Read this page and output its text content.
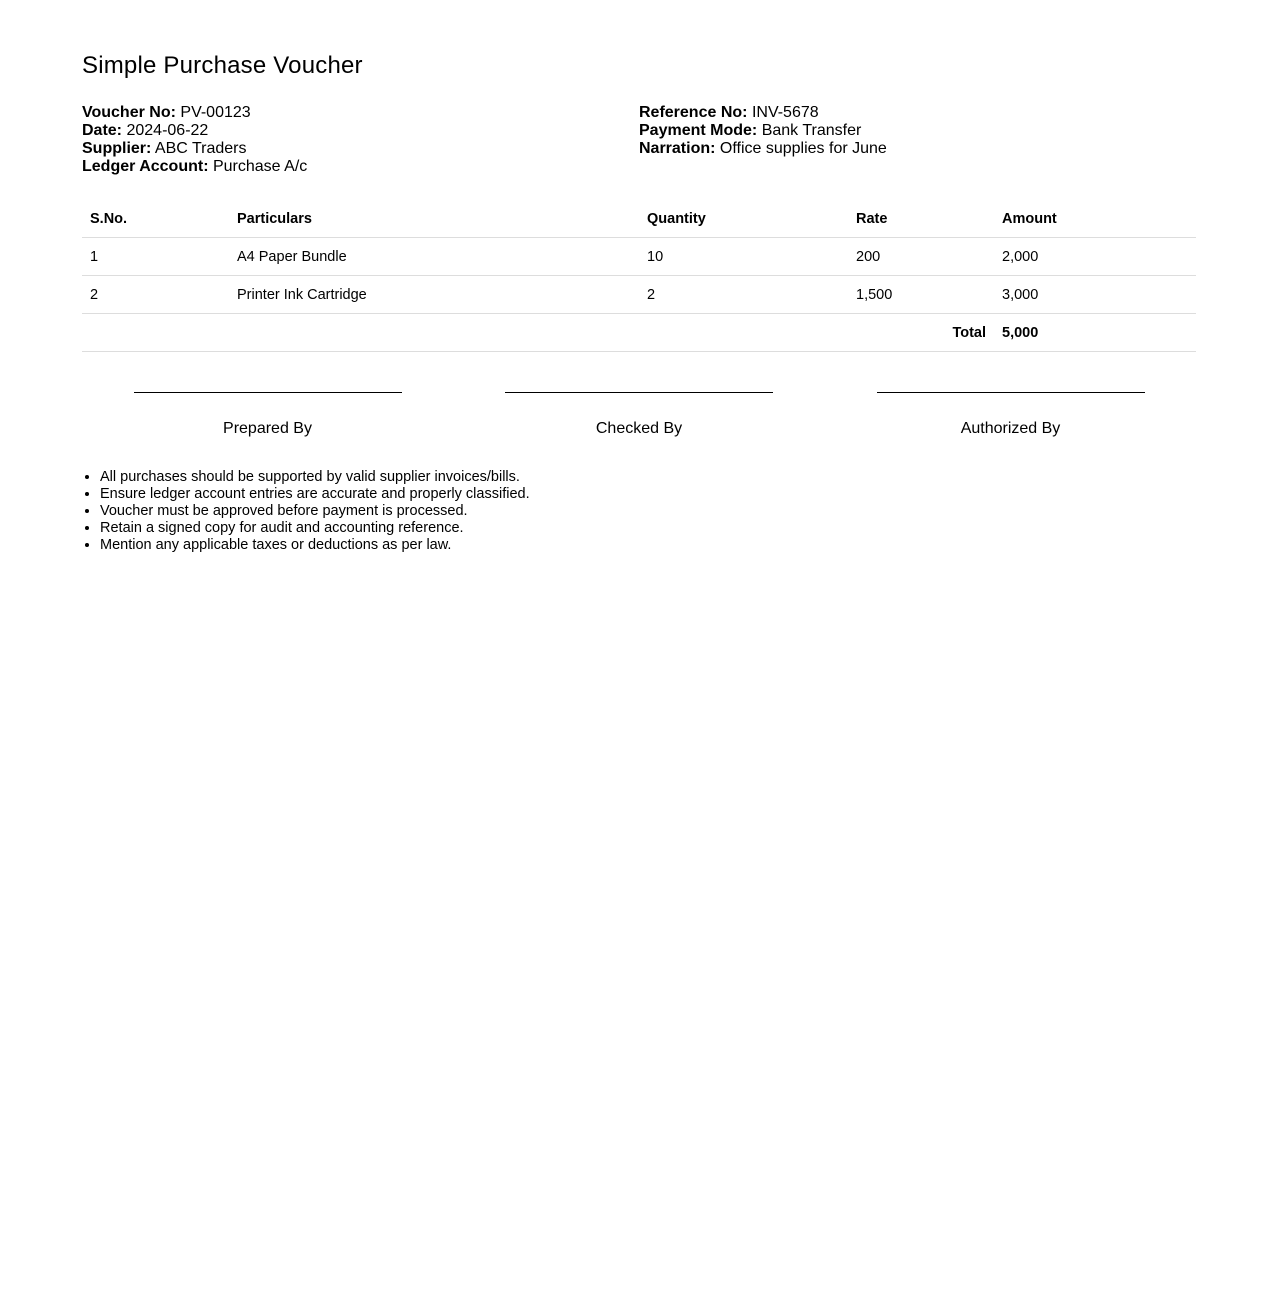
Simple Purchase Voucher
Voucher No: PV-00123
Date: 2024-06-22
Supplier: ABC Traders
Ledger Account: Purchase A/c
Reference No: INV-5678
Payment Mode: Bank Transfer
Narration: Office supplies for June
S.No.	Particulars	Quantity	Rate	Amount
1	A4 Paper Bundle	10	200	2,000
2	Printer Ink Cartridge	2	1,500	3,000
Total				5,000
Prepared By	Checked By	Authorized By
• All purchases should be supported by valid supplier invoices/bills.
• Ensure ledger account entries are accurate and properly classified.
• Voucher must be approved before payment is processed.
• Retain a signed copy for audit and accounting reference.
• Mention any applicable taxes or deductions as per law.
